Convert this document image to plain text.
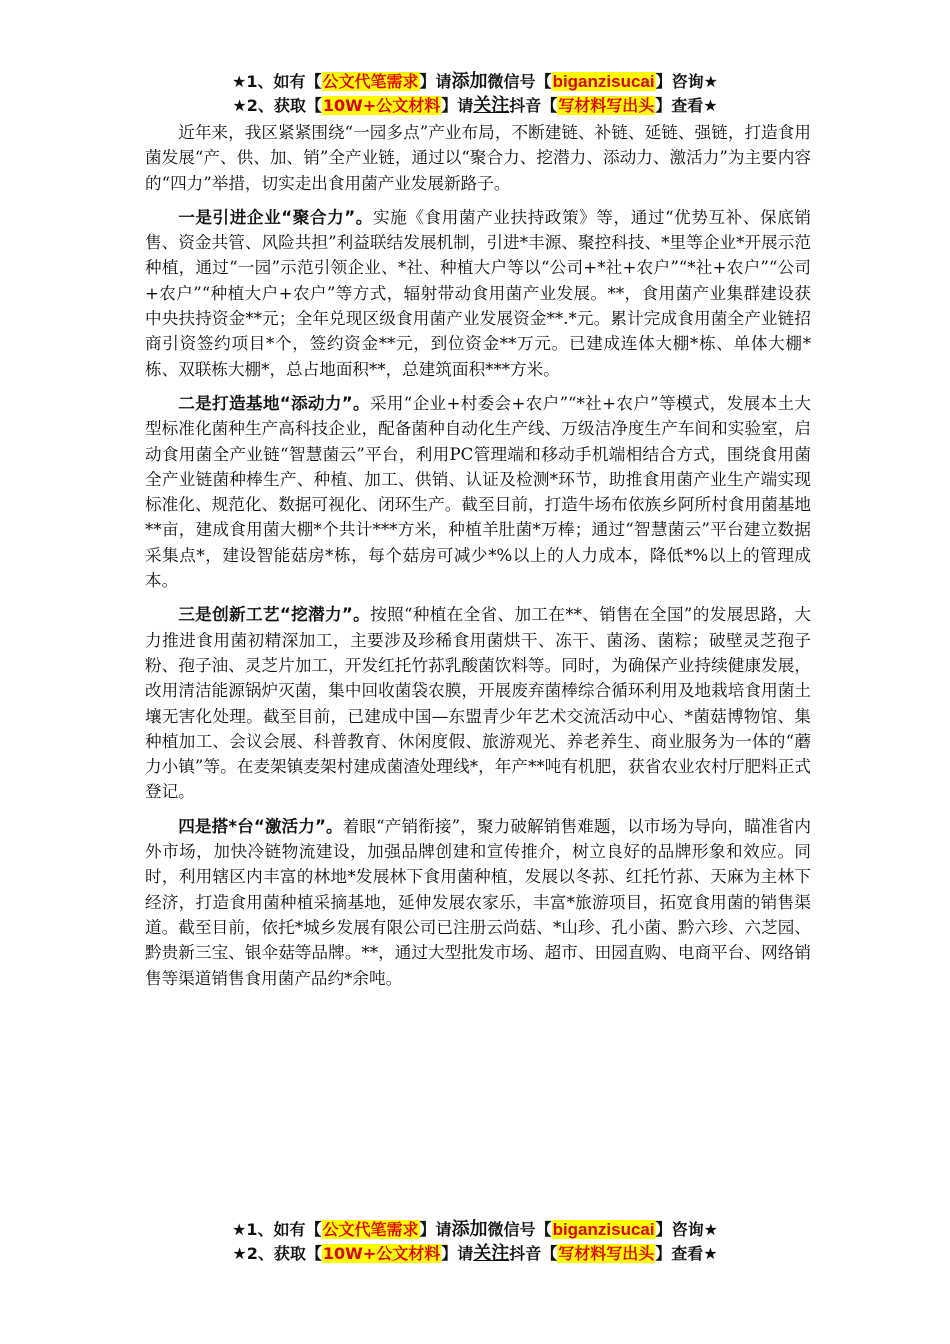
★1、如有【公文代笔需求】请添加微信号【biganzisucai】咨询★
★2、获取【10W+公文材料】请关注抖音【写材料写出头】查看★

近年来，我区紧紧围绕“一园多点”产业布局，不断建链、补链、延链、强链，打造食用菌发展“产、供、加、销”全产业链，通过以“聚合力、挖潜力、添动力、激活力”为主要内容的“四力”举措，切实走出食用菌产业发展新路子。

一是引进企业“聚合力”。实施《食用菌产业扶持政策》等，通过“优势互补、保底销售、资金共管、风险共担”利益联结发展机制，引进*丰源、聚控科技、*里等企业*开展示范种植，通过“一园”示范引领企业、*社、种植大户等以“公司+*社+农户”“*社+农户”“公司+农户”“种植大户+农户”等方式，辐射带动食用菌产业发展。**，食用菌产业集群建设获中央扶持资金**元；全年兑现区级食用菌产业发展资金**.*元。累计完成食用菌全产业链招商引资签约项目*个，签约资金**元，到位资金**万元。已建成连体大棚*栋、单体大棚*栋、双联栋大棚*，总占地面积**，总建筑面积***方米。

二是打造基地“添动力”。采用“企业+村委会+农户”“*社+农户”等模式，发展本土大型标准化菌种生产高科技企业，配备菌种自动化生产线、万级洁净度生产车间和实验室，启动食用菌全产业链“智慧菌云”平台，利用PC管理端和移动手机端相结合方式，围绕食用菌全产业链菌种棒生产、种植、加工、供销、认证及检测*环节，助推食用菌产业生产端实现标准化、规范化、数据可视化、闭环生产。截至目前，打造牛场布依族乡阿所村食用菌基地**亩，建成食用菌大棚*个共计***方米，种植羊肚菌*万棒；通过“智慧菌云”平台建立数据采集点*，建设智能菇房*栋，每个菇房可减少*%以上的人力成本，降低*%以上的管理成本。

三是创新工艺“挖潜力”。按照“种植在全省、加工在**、销售在全国”的发展思路，大力推进食用菌初精深加工，主要涉及珍稀食用菌烘干、冻干、菌汤、菌粽；破壁灵芝孢子粉、孢子油、灵芝片加工，开发红托竹荪乳酸菌饮料等。同时，为确保产业持续健康发展，改用清洁能源锅炉灭菌，集中回收菌袋农膜，开展废弃菌棒综合循环利用及地栽培食用菌土壤无害化处理。截至目前，已建成中国—东盟青少年艺术交流活动中心、*菌菇博物馆、集种植加工、会议会展、科普教育、休闲度假、旅游观光、养老养生、商业服务为一体的“蘑力小镇”等。在麦架镇麦架村建成菌渣处理线*，年产**吨有机肥，获省农业农村厅肥料正式登记。

四是搭*台“激活力”。着眼“产销衔接”，聚力破解销售难题，以市场为导向，瞄准省内外市场，加快冷链物流建设，加强品牌创建和宣传推介，树立良好的品牌形象和效应。同时，利用辖区内丰富的林地*发展林下食用菌种植，发展以冬荪、红托竹荪、天麻为主林下经济，打造食用菌种植采摘基地，延伸发展农家乐，丰富*旅游项目，拓宽食用菌的销售渠道。截至目前，依托*城乡发展有限公司已注册云尚菇、*山珍、孔小菌、黔六珍、六芝园、黔贵新三宝、银伞菇等品牌。**，通过大型批发市场、超市、田园直购、电商平台、网络销售等渠道销售食用菌产品约*余吨。

★1、如有【公文代笔需求】请添加微信号【biganzisucai】咨询★
★2、获取【10W+公文材料】请关注抖音【写材料写出头】查看★
